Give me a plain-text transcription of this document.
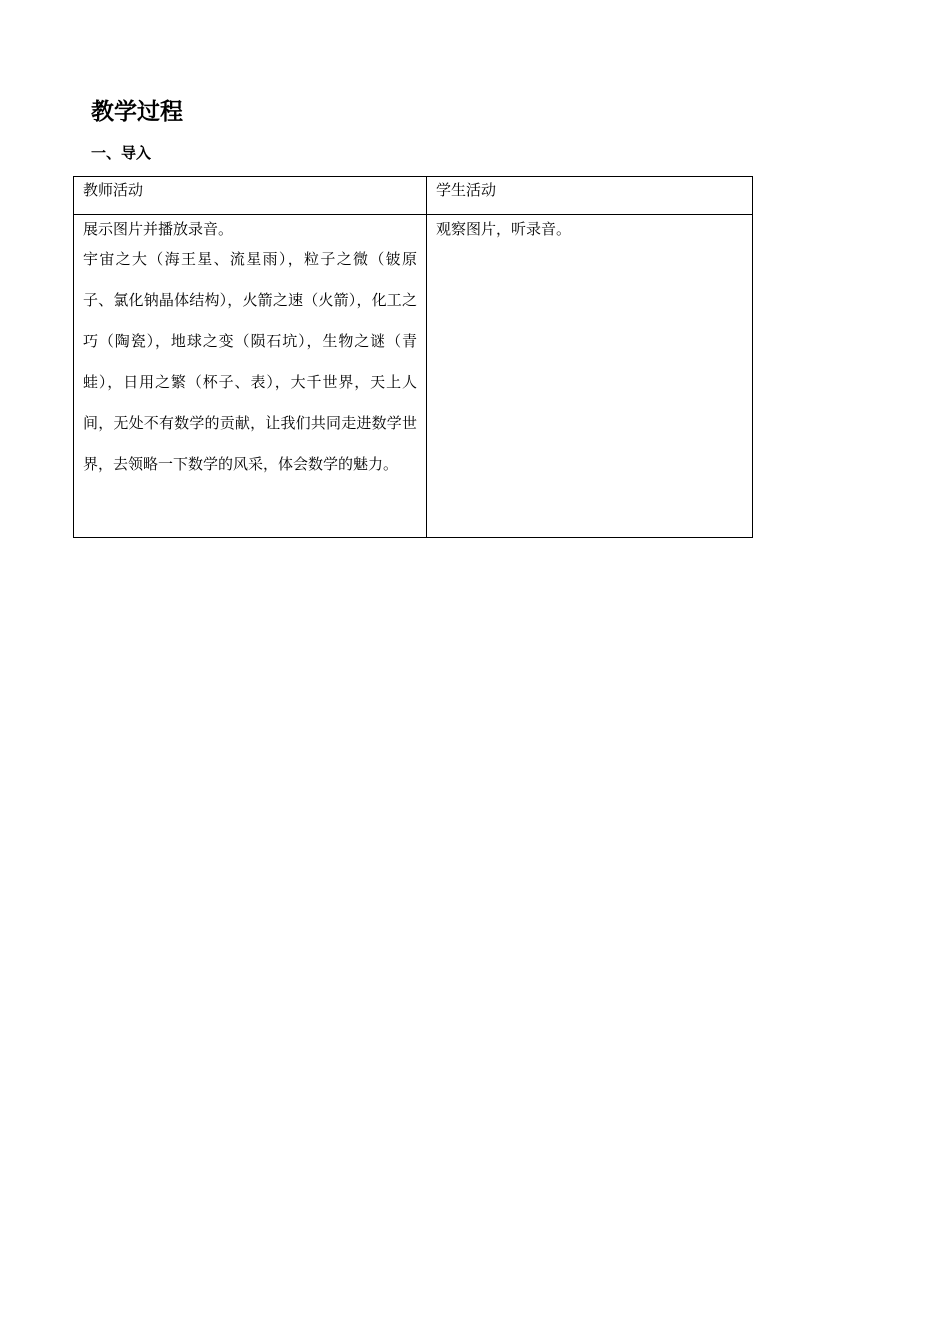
教学过程
一、导入
教师活动	学生活动

展示图片并播放录音。
宇宙之大（海王星、流星雨），粒子之微（铍原子、氯化钠晶体结构），火箭之速（火箭），化工之巧（陶瓷），地球之变（陨石坑），生物之谜（青蛙），日用之繁（杯子、表），大千世界，天上人间，无处不有数学的贡献，让我们共同走进数学世界，去领略一下数学的风采，体会数学的魅力。	观察图片，听录音。
